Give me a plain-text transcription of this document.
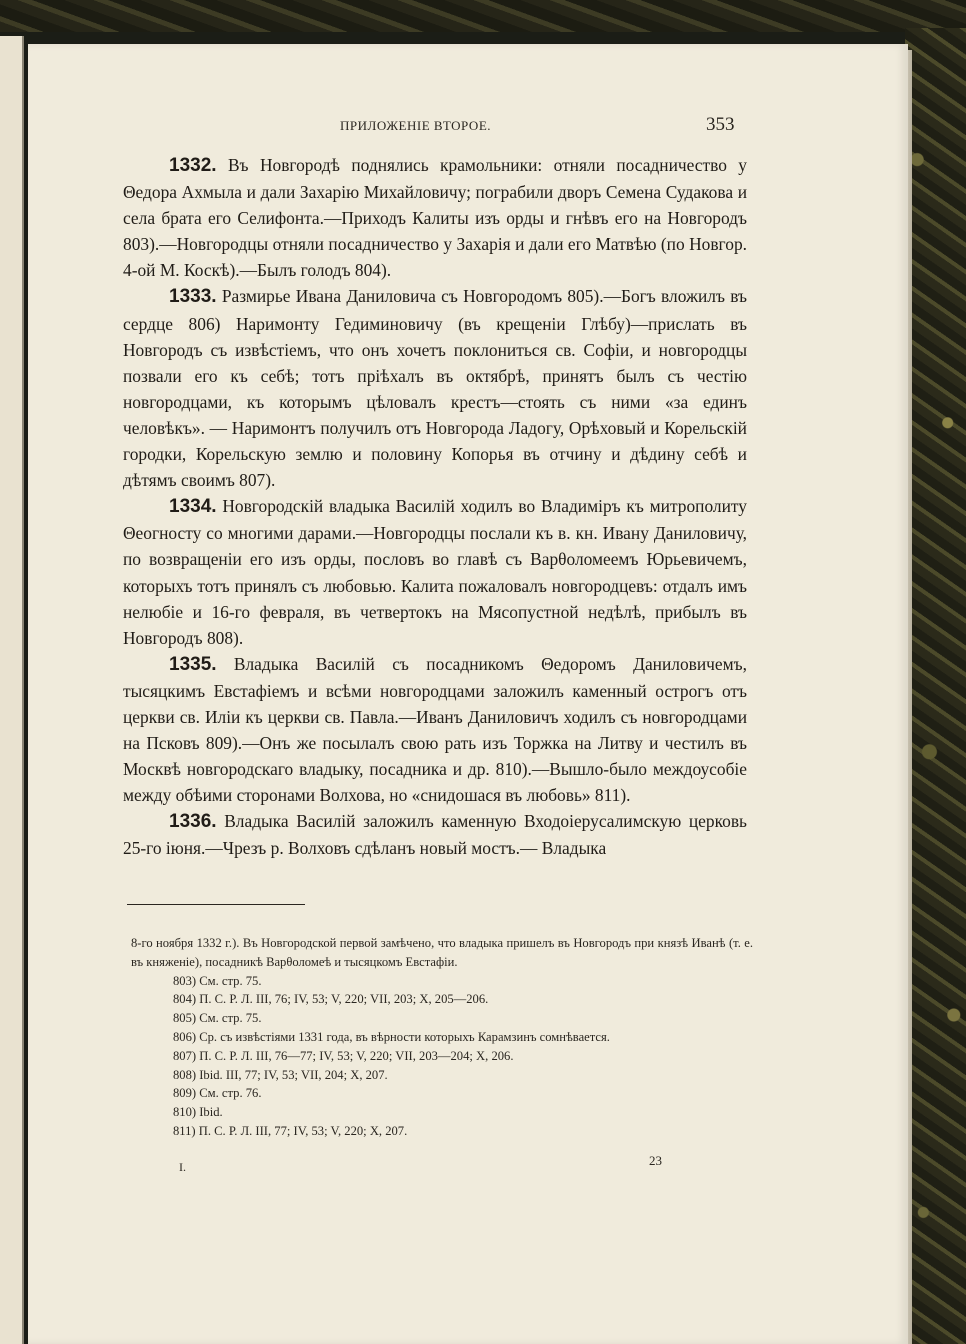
ПРИЛОЖЕНІЕ ВТОРОЕ.	353

1332. Въ Новгородѣ поднялись крамольники: отняли посадничество у Θедора Ахмыла и дали Захарію Михайловичу; пограбили дворъ Семена Судакова и села брата его Селифонта.—Приходъ Калиты изъ орды и гнѣвъ его на Новгородъ 803).—Новгородцы отняли посадничество у Захарія и дали его Матвѣю (по Новгор. 4-ой М. Коскѣ).—Былъ голодъ 804).

1333. Размирье Ивана Даниловича съ Новгородомъ 805).—Богъ вложилъ въ сердце 806) Наримонту Гедиминовичу (въ крещеніи Глѣбу)—прислать въ Новгородъ съ извѣстіемъ, что онъ хочетъ поклониться св. Софіи, и новгородцы позвали его къ себѣ; тотъ пріѣхалъ въ октябрѣ, принятъ былъ съ честію новгородцами, къ которымъ цѣловалъ крестъ—стоять съ ними «за единъ человѣкъ». — Наримонтъ получилъ отъ Новгорода Ладогу, Орѣховый и Корельскій городки, Корельскую землю и половину Копорья въ отчину и дѣдину себѣ и дѣтямъ своимъ 807).

1334. Новгородскій владыка Василій ходилъ во Владиміръ къ митрополиту Θеогносту со многими дарами.—Новгородцы послали къ в. кн. Ивану Даниловичу, по возвращеніи его изъ орды, пословъ во главѣ съ Варθоломеемъ Юрьевичемъ, которыхъ тотъ принялъ съ любовью. Калита пожаловалъ новгородцевъ: отдалъ имъ нелюбіе и 16-го февраля, въ четвертокъ на Мясопустной недѣлѣ, прибылъ въ Новгородъ 808).

1335. Владыка Василій съ посадникомъ Θедоромъ Даниловичемъ, тысяцкимъ Евстафіемъ и всѣми новгородцами заложилъ каменный острогъ отъ церкви св. Иліи къ церкви св. Павла.—Иванъ Даниловичъ ходилъ съ новгородцами на Псковъ 809).—Онъ же посылалъ свою рать изъ Торжка на Литву и честилъ въ Москвѣ новгородскаго владыку, посадника и др. 810).—Вышло-было междоусобіе между обѣими сторонами Волхова, но «снидошася въ любовь» 811).

1336. Владыка Василій заложилъ каменную Входоіерусалимскую церковь 25-го іюня.—Чрезъ р. Волховъ сдѣланъ новый мостъ.— Владыка

8-го ноября 1332 г.). Въ Новгородской первой замѣчено, что владыка пришелъ въ Новгородъ при князѣ Иванѣ (т. е. въ княженіе), посадникѣ Варθоломеѣ и тысяцкомъ Евстафіи.

803) См. стр. 75.

804) П. С. Р. Л. III, 76; IV, 53; V, 220; VII, 203; X, 205—206.

805) См. стр. 75.

806) Ср. съ извѣстіями 1331 года, въ вѣрности которыхъ Карамзинъ сомнѣвается.

807) П. С. Р. Л. III, 76—77; IV, 53; V, 220; VII, 203—204; X, 206.

808) Ibid. III, 77; IV, 53; VII, 204; X, 207.

809) См. стр. 76.

810) Ibid.

811) П. С. Р. Л. III, 77; IV, 53; V, 220; X, 207.

I.	23
